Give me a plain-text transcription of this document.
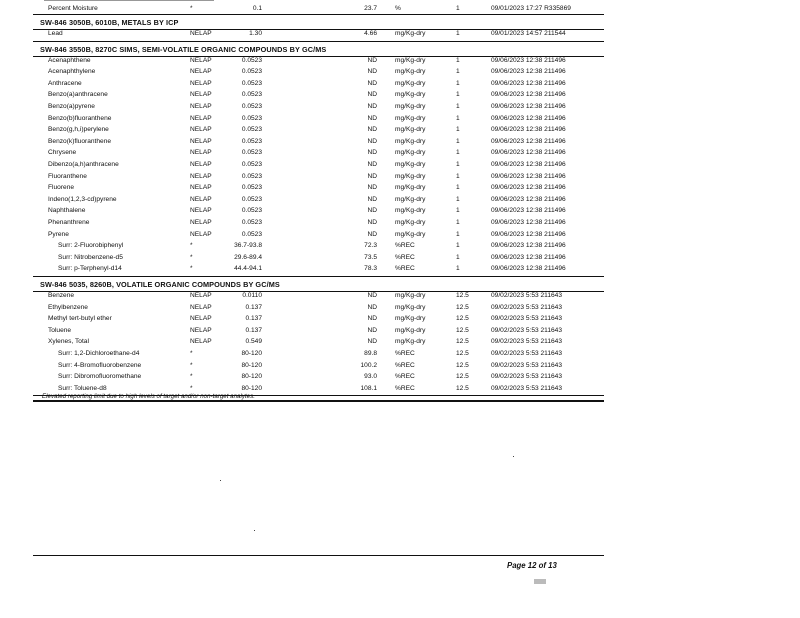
Percent Moisture	*	0.1	23.7	%	1	09/01/2023 17:27 R335869
SW-846 3050B, 6010B, METALS BY ICP
Lead	NELAP	1.30	4.66	mg/Kg-dry	1	09/01/2023 14:57 211544
SW-846 3550B, 8270C SIMS, SEMI-VOLATILE ORGANIC COMPOUNDS BY GC/MS
Acenaphthene	NELAP	0.0523	ND	mg/Kg-dry	1	09/06/2023 12:38 211496
Acenaphthylene	NELAP	0.0523	ND	mg/Kg-dry	1	09/06/2023 12:38 211496
Anthracene	NELAP	0.0523	ND	mg/Kg-dry	1	09/06/2023 12:38 211496
Benzo(a)anthracene	NELAP	0.0523	ND	mg/Kg-dry	1	09/06/2023 12:38 211496
Benzo(a)pyrene	NELAP	0.0523	ND	mg/Kg-dry	1	09/06/2023 12:38 211496
Benzo(b)fluoranthene	NELAP	0.0523	ND	mg/Kg-dry	1	09/06/2023 12:38 211496
Benzo(g,h,i)perylene	NELAP	0.0523	ND	mg/Kg-dry	1	09/06/2023 12:38 211496
Benzo(k)fluoranthene	NELAP	0.0523	ND	mg/Kg-dry	1	09/06/2023 12:38 211496
Chrysene	NELAP	0.0523	ND	mg/Kg-dry	1	09/06/2023 12:38 211496
Dibenzo(a,h)anthracene	NELAP	0.0523	ND	mg/Kg-dry	1	09/06/2023 12:38 211496
Fluoranthene	NELAP	0.0523	ND	mg/Kg-dry	1	09/06/2023 12:38 211496
Fluorene	NELAP	0.0523	ND	mg/Kg-dry	1	09/06/2023 12:38 211496
Indeno(1,2,3-cd)pyrene	NELAP	0.0523	ND	mg/Kg-dry	1	09/06/2023 12:38 211496
Naphthalene	NELAP	0.0523	ND	mg/Kg-dry	1	09/06/2023 12:38 211496
Phenanthrene	NELAP	0.0523	ND	mg/Kg-dry	1	09/06/2023 12:38 211496
Pyrene	NELAP	0.0523	ND	mg/Kg-dry	1	09/06/2023 12:38 211496
Surr: 2-Fluorobiphenyl	*	36.7-93.8	72.3	%REC	1	09/06/2023 12:38 211496
Surr: Nitrobenzene-d5	*	29.6-89.4	73.5	%REC	1	09/06/2023 12:38 211496
Surr: p-Terphenyl-d14	*	44.4-94.1	78.3	%REC	1	09/06/2023 12:38 211496
SW-846 5035, 8260B, VOLATILE ORGANIC COMPOUNDS BY GC/MS
Benzene	NELAP	0.0110	ND	mg/Kg-dry	12.5	09/02/2023 5:53 211643
Ethylbenzene	NELAP	0.137	ND	mg/Kg-dry	12.5	09/02/2023 5:53 211643
Methyl tert-butyl ether	NELAP	0.137	ND	mg/Kg-dry	12.5	09/02/2023 5:53 211643
Toluene	NELAP	0.137	ND	mg/Kg-dry	12.5	09/02/2023 5:53 211643
Xylenes, Total	NELAP	0.549	ND	mg/Kg-dry	12.5	09/02/2023 5:53 211643
Surr: 1,2-Dichloroethane-d4	*	80-120	89.8	%REC	12.5	09/02/2023 5:53 211643
Surr: 4-Bromofluorobenzene	*	80-120	100.2	%REC	12.5	09/02/2023 5:53 211643
Surr: Dibromofluoromethane	*	80-120	93.0	%REC	12.5	09/02/2023 5:53 211643
Surr: Toluene-d8	*	80-120	108.1	%REC	12.5	09/02/2023 5:53 211643
Elevated reporting limit due to high levels of target and/or non-target analytes.
Page 12 of 13
